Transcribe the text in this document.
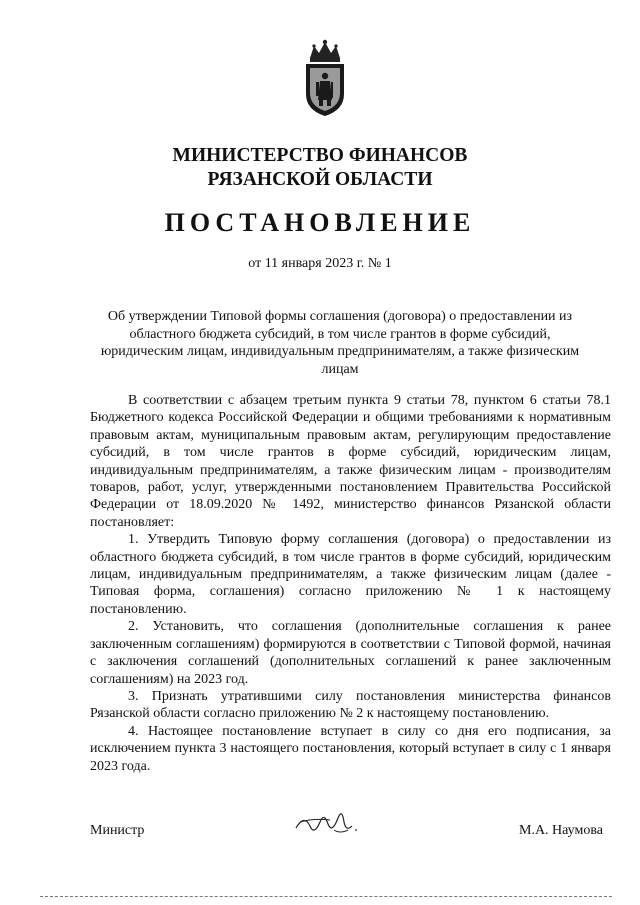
МИНИСТЕРСТВО ФИНАНСОВ
РЯЗАНСКОЙ ОБЛАСТИ
ПОСТАНОВЛЕНИЕ
от 11 января 2023 г. № 1
Об утверждении Типовой формы соглашения (договора) о предоставлении из областного бюджета субсидий, в том числе грантов в форме субсидий, юридическим лицам, индивидуальным предпринимателям, а также физическим лицам

В соответствии с абзацем третьим пункта 9 статьи 78, пунктом 6 статьи 78.1 Бюджетного кодекса Российской Федерации и общими требованиями к нормативным правовым актам, муниципальным правовым актам, регулирующим предоставление субсидий, в том числе грантов в форме субсидий, юридическим лицам, индивидуальным предпринимателям, а также физическим лицам - производителям товаров, работ, услуг, утвержденными постановлением Правительства Российской Федерации от 18.09.2020 № 1492, министерство финансов Рязанской области постановляет:

1. Утвердить Типовую форму соглашения (договора) о предоставлении из областного бюджета субсидий, в том числе грантов в форме субсидий, юридическим лицам, индивидуальным предпринимателям, а также физическим лицам (далее - Типовая форма, соглашения) согласно приложению № 1 к настоящему постановлению.

2. Установить, что соглашения (дополнительные соглашения к ранее заключенным соглашениям) формируются в соответствии с Типовой формой, начиная с заключения соглашений (дополнительных соглашений к ранее заключенным соглашениям) на 2023 год.

3. Признать утратившими силу постановления министерства финансов Рязанской области согласно приложению № 2 к настоящему постановлению.

4. Настоящее постановление вступает в силу со дня его подписания, за исключением пункта 3 настоящего постановления, который вступает в силу с 1 января 2023 года.

Министр	М.А. Наумова
